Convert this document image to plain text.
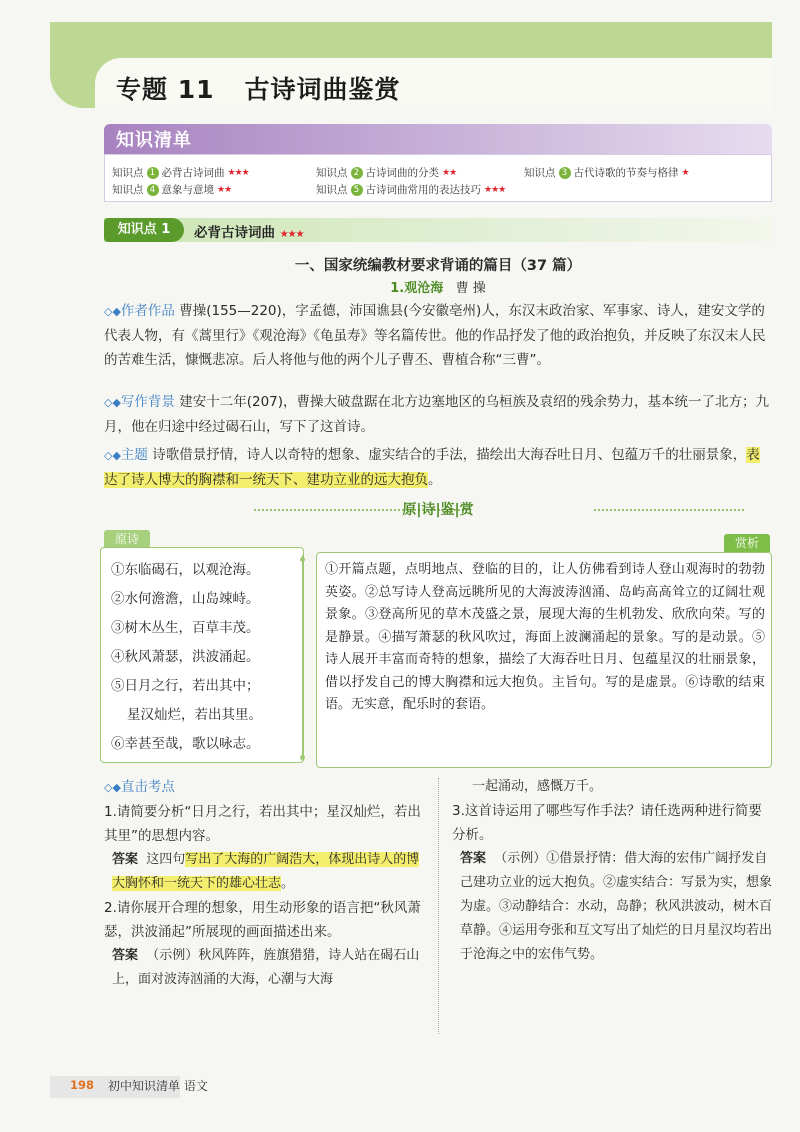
专题 11 古诗词曲鉴赏
知识清单
知识点 1 必背古诗词曲 ★★★	知识点 2 古诗词曲的分类 ★★	知识点 3 古代诗歌的节奏与格律 ★
知识点 4 意象与意境 ★★	知识点 5 古诗词曲常用的表达技巧 ★★★
知识点 1	必背古诗词曲 ★★★
一、国家统编教材要求背诵的篇目（37 篇）
1.观沧海 曹 操
◇◆作者作品 曹操(155—220)，字孟德，沛国谯县(今安徽亳州)人，东汉末政治家、军事家、诗人，建安文学的代表人物，有《蒿里行》《观沧海》《龟虽寿》等名篇传世。他的作品抒发了他的政治抱负，并反映了东汉末人民的苦难生活，慷慨悲凉。后人将他与他的两个儿子曹丕、曹植合称“三曹”。
◇◆写作背景 建安十二年(207)，曹操大破盘踞在北方边塞地区的乌桓族及袁绍的残余势力，基本统一了北方；九月，他在归途中经过碣石山，写下了这首诗。
◇◆主题 诗歌借景抒情，诗人以奇特的想象、虚实结合的手法，描绘出大海吞吐日月、包蕴万千的壮丽景象，表达了诗人博大的胸襟和一统天下、建功立业的远大抱负。
原|诗|鉴|赏
原诗
①东临碣石，以观沧海。
②水何澹澹，山岛竦峙。
③树木丛生，百草丰茂。
④秋风萧瑟，洪波涌起。
⑤日月之行，若出其中；
星汉灿烂，若出其里。
⑥幸甚至哉，歌以咏志。
赏析
①开篇点题，点明地点、登临的目的，让人仿佛看到诗人登山观海时的勃勃英姿。②总写诗人登高远眺所见的大海波涛汹涌、岛屿高高耸立的辽阔壮观景象。③登高所见的草木茂盛之景，展现大海的生机勃发、欣欣向荣。写的是静景。④描写萧瑟的秋风吹过，海面上波澜涌起的景象。写的是动景。⑤诗人展开丰富而奇特的想象，描绘了大海吞吐日月、包蕴星汉的壮丽景象，借以抒发自己的博大胸襟和远大抱负。主旨句。写的是虚景。⑥诗歌的结束语。无实意，配乐时的套语。
◇◆直击考点

1.请简要分析“日月之行，若出其中；星汉灿烂，若出其里”的思想内容。

答案 这四句写出了大海的广阔浩大，体现出诗人的博大胸怀和一统天下的雄心壮志。

2.请你展开合理的想象，用生动形象的语言把“秋风萧瑟，洪波涌起”所展现的画面描述出来。

答案 （示例）秋风阵阵，旌旗猎猎，诗人站在碣石山上，面对波涛汹涌的大海，心潮与大海

一起涌动，感慨万千。

3.这首诗运用了哪些写作手法？请任选两种进行简要分析。

答案 （示例）①借景抒情：借大海的宏伟广阔抒发自己建功立业的远大抱负。②虚实结合：写景为实，想象为虚。③动静结合：水动，岛静；秋风洪波动，树木百草静。④运用夸张和互文写出了灿烂的日月星汉均若出于沧海之中的宏伟气势。

198 初中知识清单 语文
